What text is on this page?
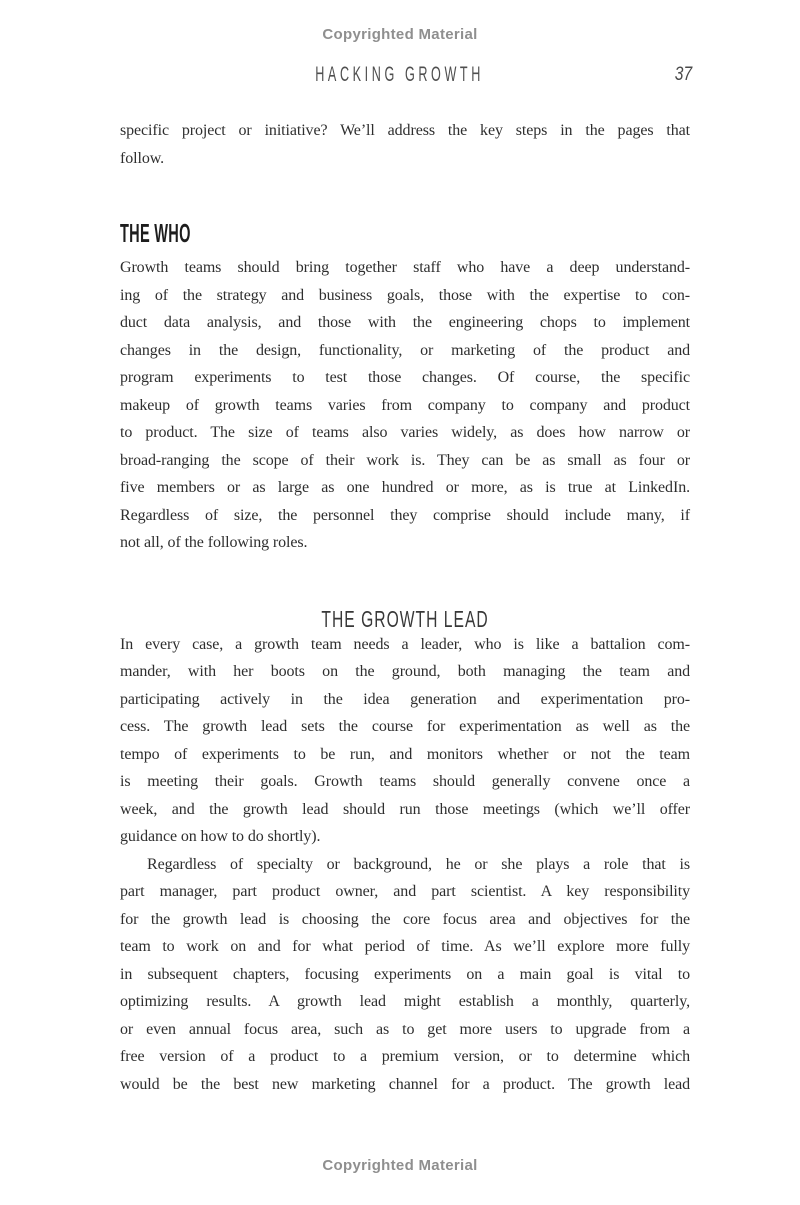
Copyrighted Material
HACKING GROWTH	37
specific project or initiative? We’ll address the key steps in the pages that
follow.
THE WHO
Growth teams should bring together staff who have a deep understand-
ing of the strategy and business goals, those with the expertise to con-
duct data analysis, and those with the engineering chops to implement
changes in the design, functionality, or marketing of the product and
program experiments to test those changes. Of course, the specific
makeup of growth teams varies from company to company and product
to product. The size of teams also varies widely, as does how narrow or
broad-ranging the scope of their work is. They can be as small as four or
five members or as large as one hundred or more, as is true at LinkedIn.
Regardless of size, the personnel they comprise should include many, if
not all, of the following roles.
THE GROWTH LEAD
In every case, a growth team needs a leader, who is like a battalion com-
mander, with her boots on the ground, both managing the team and
participating actively in the idea generation and experimentation pro-
cess. The growth lead sets the course for experimentation as well as the
tempo of experiments to be run, and monitors whether or not the team
is meeting their goals. Growth teams should generally convene once a
week, and the growth lead should run those meetings (which we’ll offer
guidance on how to do shortly).
Regardless of specialty or background, he or she plays a role that is
part manager, part product owner, and part scientist. A key responsibility
for the growth lead is choosing the core focus area and objectives for the
team to work on and for what period of time. As we’ll explore more fully
in subsequent chapters, focusing experiments on a main goal is vital to
optimizing results. A growth lead might establish a monthly, quarterly,
or even annual focus area, such as to get more users to upgrade from a
free version of a product to a premium version, or to determine which
would be the best new marketing channel for a product. The growth lead
Copyrighted Material
